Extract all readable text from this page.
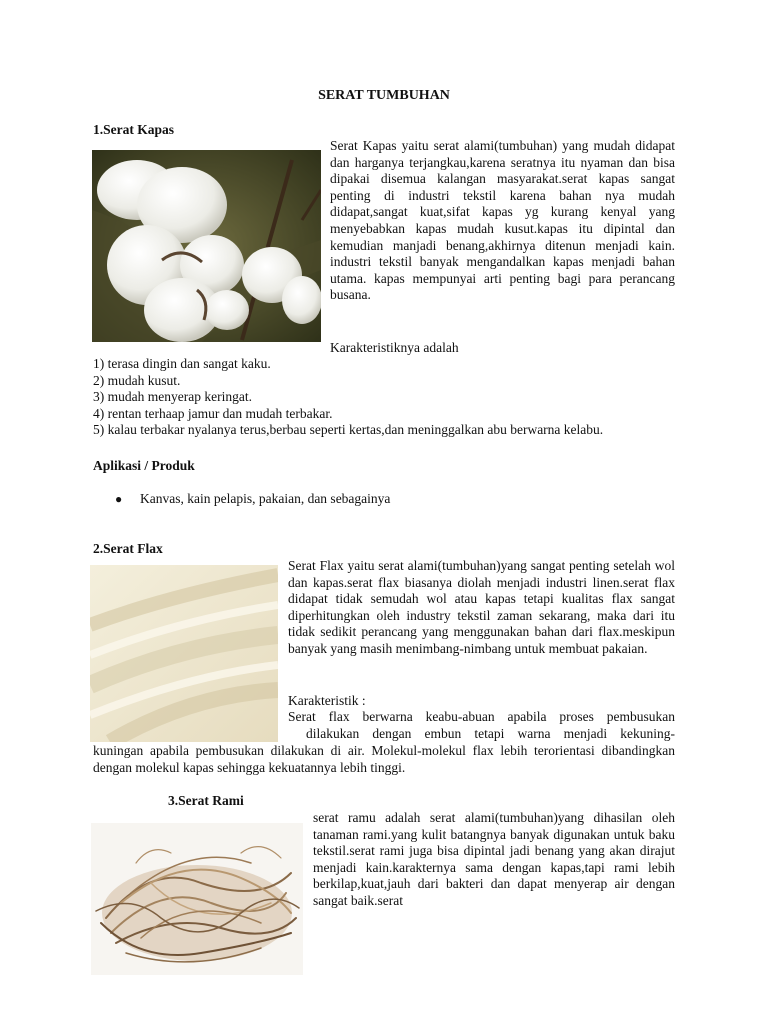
SERAT TUMBUHAN
1.Serat Kapas
Serat Kapas yaitu serat alami(tumbuhan) yang mudah didapat dan harganya terjangkau,karena seratnya itu nyaman dan bisa dipakai disemua kalangan masyarakat.serat kapas sangat penting di industri tekstil karena bahan nya mudah didapat,sangat kuat,sifat kapas yg kurang kenyal yang menyebabkan kapas mudah kusut.kapas itu dipintal dan kemudian manjadi benang,akhirnya ditenun menjadi kain. industri tekstil banyak mengandalkan kapas menjadi bahan utama. kapas mempunyai arti penting bagi para perancang busana.
Karakteristiknya adalah
1) terasa dingin dan sangat kaku.
2) mudah kusut.
3) mudah menyerap keringat.
4) rentan terhaap jamur dan mudah terbakar.
5) kalau terbakar nyalanya terus,berbau seperti kertas,dan meninggalkan abu berwarna kelabu.
Aplikasi / Produk
● Kanvas, kain pelapis, pakaian, dan sebagainya
2.Serat Flax
Serat Flax yaitu serat alami(tumbuhan)yang sangat penting setelah wol dan kapas.serat flax biasanya diolah menjadi industri linen.serat flax didapat tidak semudah wol atau kapas tetapi kualitas flax sangat diperhitungkan oleh industry tekstil zaman sekarang, maka dari itu tidak sedikit perancang yang menggunakan bahan dari flax.meskipun banyak yang masih menimbang-nimbang untuk membuat pakaian.
Karakteristik :
Serat flax berwarna keabu-abuan apabila proses pembusukan
dilakukan dengan embun tetapi warna menjadi kekuning-
kuningan apabila pembusukan dilakukan di air. Molekul-molekul flax lebih terorientasi dibandingkan dengan molekul kapas sehingga kekuatannya lebih tinggi.
3.Serat Rami
serat ramu adalah serat alami(tumbuhan)yang dihasilan oleh tanaman rami.yang kulit batangnya banyak digunakan untuk baku tekstil.serat rami juga bisa dipintal jadi benang yang akan dirajut menjadi kain.karakternya sama dengan kapas,tapi rami lebih berkilap,kuat,jauh dari bakteri dan dapat menyerap air dengan sangat baik.serat
